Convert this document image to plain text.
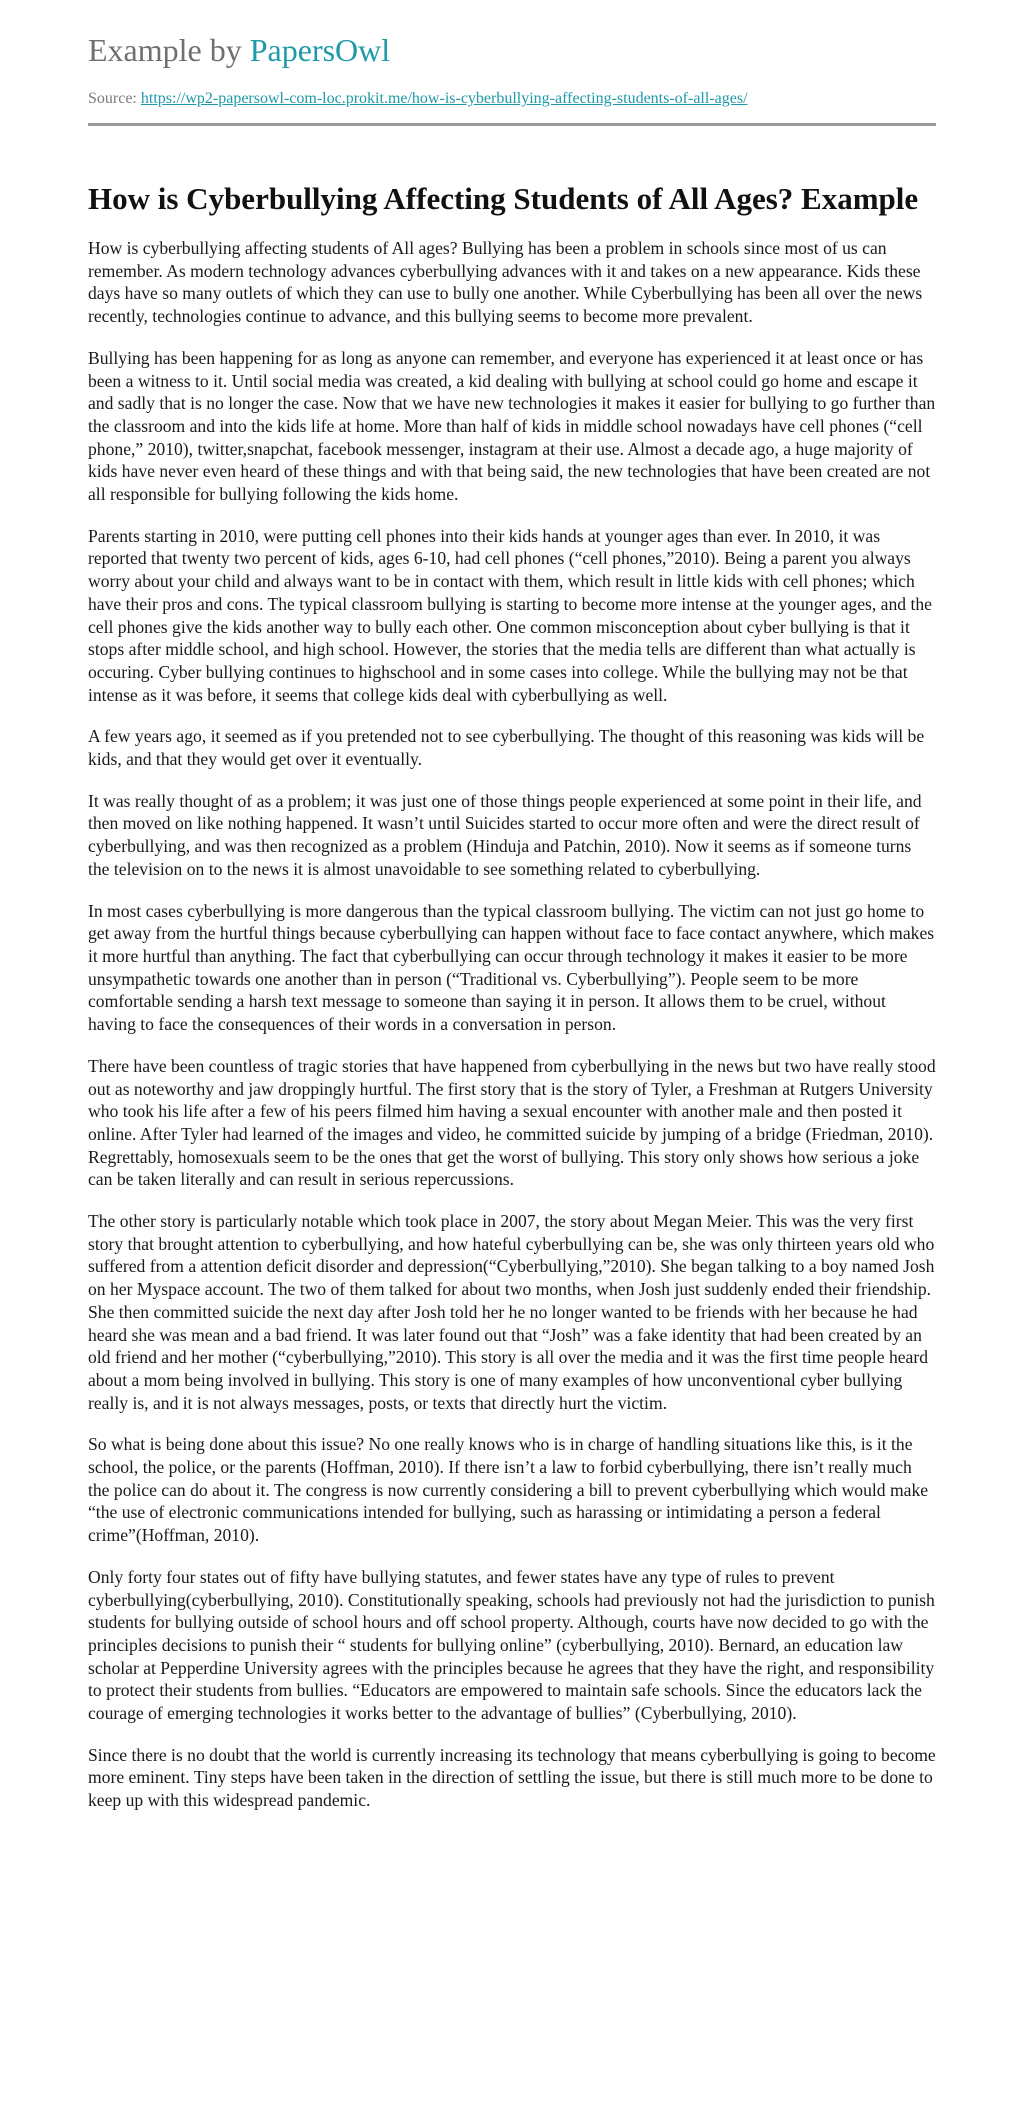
Example by PapersOwl
Source: https://wp2-papersowl-com-loc.prokit.me/how-is-cyberbullying-affecting-students-of-all-ages/
How is Cyberbullying Affecting Students of All Ages? Example

How is cyberbullying affecting students of All ages? Bullying has been a problem in schools since most of us can remember. As modern technology advances cyberbullying advances with it and takes on a new appearance. Kids these days have so many outlets of which they can use to bully one another. While Cyberbullying has been all over the news recently, technologies continue to advance, and this bullying seems to become more prevalent.

Bullying has been happening for as long as anyone can remember, and everyone has experienced it at least once or has been a witness to it. Until social media was created, a kid dealing with bullying at school could go home and escape it and sadly that is no longer the case. Now that we have new technologies it makes it easier for bullying to go further than the classroom and into the kids life at home. More than half of kids in middle school nowadays have cell phones (“cell phone,” 2010), twitter,snapchat, facebook messenger, instagram at their use. Almost a decade ago, a huge majority of kids have never even heard of these things and with that being said, the new technologies that have been created are not all responsible for bullying following the kids home.

Parents starting in 2010, were putting cell phones into their kids hands at younger ages than ever. In 2010, it was reported that twenty two percent of kids, ages 6-10, had cell phones (“cell phones,”2010). Being a parent you always worry about your child and always want to be in contact with them, which result in little kids with cell phones; which have their pros and cons. The typical classroom bullying is starting to become more intense at the younger ages, and the cell phones give the kids another way to bully each other. One common misconception about cyber bullying is that it stops after middle school, and high school. However, the stories that the media tells are different than what actually is occuring. Cyber bullying continues to highschool and in some cases into college. While the bullying may not be that intense as it was before, it seems that college kids deal with cyberbullying as well.

A few years ago, it seemed as if you pretended not to see cyberbullying. The thought of this reasoning was kids will be kids, and that they would get over it eventually.

It was really thought of as a problem; it was just one of those things people experienced at some point in their life, and then moved on like nothing happened. It wasn’t until Suicides started to occur more often and were the direct result of cyberbullying, and was then recognized as a problem (Hinduja and Patchin, 2010). Now it seems as if someone turns the television on to the news it is almost unavoidable to see something related to cyberbullying.

In most cases cyberbullying is more dangerous than the typical classroom bullying. The victim can not just go home to get away from the hurtful things because cyberbullying can happen without face to face contact anywhere, which makes it more hurtful than anything. The fact that cyberbullying can occur through technology it makes it easier to be more unsympathetic towards one another than in person (“Traditional vs. Cyberbullying”). People seem to be more comfortable sending a harsh text message to someone than saying it in person. It allows them to be cruel, without having to face the consequences of their words in a conversation in person.

There have been countless of tragic stories that have happened from cyberbullying in the news but two have really stood out as noteworthy and jaw droppingly hurtful. The first story that is the story of Tyler, a Freshman at Rutgers University who took his life after a few of his peers filmed him having a sexual encounter with another male and then posted it online. After Tyler had learned of the images and video, he committed suicide by jumping of a bridge (Friedman, 2010). Regrettably, homosexuals seem to be the ones that get the worst of bullying. This story only shows how serious a joke can be taken literally and can result in serious repercussions.

The other story is particularly notable which took place in 2007, the story about Megan Meier. This was the very first story that brought attention to cyberbullying, and how hateful cyberbullying can be, she was only thirteen years old who suffered from a attention deficit disorder and depression(“Cyberbullying,”2010). She began talking to a boy named Josh on her Myspace account. The two of them talked for about two months, when Josh just suddenly ended their friendship. She then committed suicide the next day after Josh told her he no longer wanted to be friends with her because he had heard she was mean and a bad friend. It was later found out that “Josh” was a fake identity that had been created by an old friend and her mother (“cyberbullying,”2010). This story is all over the media and it was the first time people heard about a mom being involved in bullying. This story is one of many examples of how unconventional cyber bullying really is, and it is not always messages, posts, or texts that directly hurt the victim.

So what is being done about this issue? No one really knows who is in charge of handling situations like this, is it the school, the police, or the parents (Hoffman, 2010). If there isn’t a law to forbid cyberbullying, there isn’t really much the police can do about it. The congress is now currently considering a bill to prevent cyberbullying which would make “the use of electronic communications intended for bullying, such as harassing or intimidating a person a federal crime”(Hoffman, 2010).

Only forty four states out of fifty have bullying statutes, and fewer states have any type of rules to prevent cyberbullying(cyberbullying, 2010). Constitutionally speaking, schools had previously not had the jurisdiction to punish students for bullying outside of school hours and off school property. Although, courts have now decided to go with the principles decisions to punish their “ students for bullying online” (cyberbullying, 2010). Bernard, an education law scholar at Pepperdine University agrees with the principles because he agrees that they have the right, and responsibility to protect their students from bullies. “Educators are empowered to maintain safe schools. Since the educators lack the courage of emerging technologies it works better to the advantage of bullies” (Cyberbullying, 2010).

Since there is no doubt that the world is currently increasing its technology that means cyberbullying is going to become more eminent. Tiny steps have been taken in the direction of settling the issue, but there is still much more to be done to keep up with this widespread pandemic.
